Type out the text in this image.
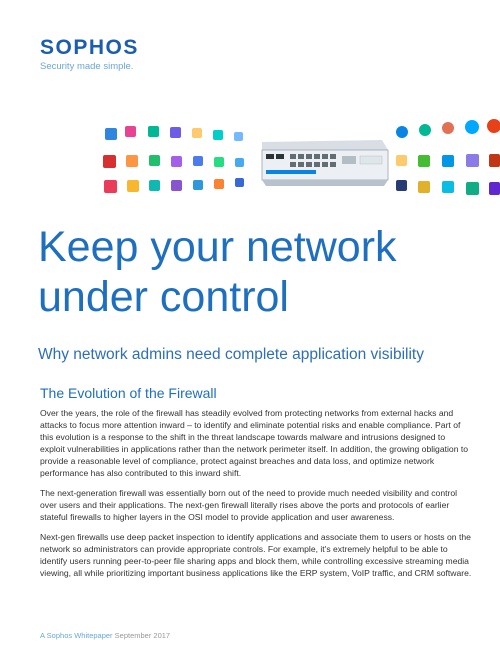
SOPHOS
Security made simple.
Keep your network
under control
Why network admins need complete application visibility
The Evolution of the Firewall

Over the years, the role of the firewall has steadily evolved from protecting networks from external hacks and attacks to focus more attention inward – to identify and eliminate potential risks and enable compliance. Part of this evolution is a response to the shift in the threat landscape towards malware and intrusions designed to exploit vulnerabilities in applications rather than the network perimeter itself. In addition, the growing obligation to provide a reasonable level of compliance, protect against breaches and data loss, and optimize network performance has also contributed to this inward shift.

The next-generation firewall was essentially born out of the need to provide much needed visibility and control over users and their applications. The next-gen firewall literally rises above the ports and protocols of earlier stateful firewalls to higher layers in the OSI model to provide application and user awareness.

Next-gen firewalls use deep packet inspection to identify applications and associate them to users or hosts on the network so administrators can provide appropriate controls. For example, it's extremely helpful to be able to identify users running peer-to-peer file sharing apps and block them, while controlling excessive streaming media viewing, all while prioritizing important business applications like the ERP system, VoIP traffic, and CRM software.

A Sophos Whitepaper September 2017
